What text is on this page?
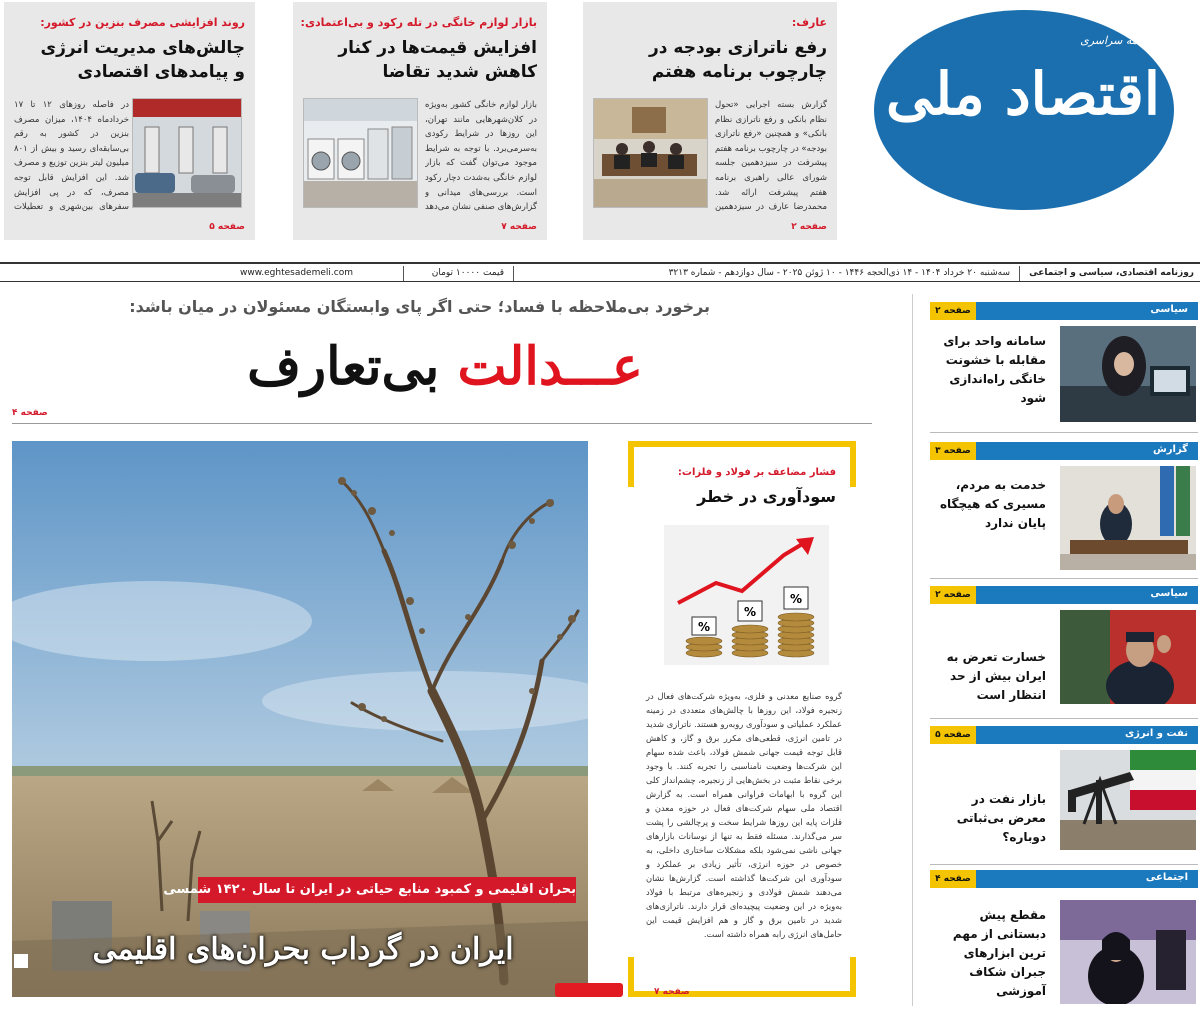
عارف:
رفع ناترازی بودجه در
چارچوب برنامه هفتم
گزارش بسته اجرایی «تحول نظام بانکی و رفع ناترازی نظام بانکی» و همچنین «رفع ناترازی بودجه» در چارچوب برنامه هفتم پیشرفت در سیزدهمین جلسه شورای عالی راهبری برنامه هفتم پیشرفت ارائه شد. محمدرضا عارف در سیزدهمین
صفحه ۲
بازار لوازم خانگی در تله رکود و بی‌اعتمادی:
افزایش قیمت‌ها در کنار
کاهش شدید تقاضا
بازار لوازم خانگی کشور به‌ویژه در کلان‌شهرهایی مانند تهران، این روزها در شرایط رکودی به‌سرمی‌برد. با توجه به شرایط موجود می‌توان گفت که بازار لوازم خانگی به‌شدت دچار رکود است. بررسی‌های میدانی و گزارش‌های صنفی نشان می‌دهد
صفحه ۷
روند افزایشی مصرف بنزین در کشور:
چالش‌های مدیریت انرژی
و پیامدهای اقتصادی
در فاصله روزهای ۱۲ تا ۱۷ خردادماه ۱۴۰۴، میزان مصرف بنزین در کشور به رقم بی‌سابقه‌ای رسید و بیش از ۸۰۱ میلیون لیتر بنزین توزیع و مصرف شد. این افزایش قابل توجه مصرف، که در پی افزایش سفرهای بین‌شهری و تعطیلات
صفحه ۵
روزنامه سراسری
اقتصاد ملی
روزنامه اقتصادی، سیاسی و اجتماعی
سه‌شنبه ۲۰ خرداد ۱۴۰۴ - ۱۴ ذی‌الحجه ۱۴۴۶ - ۱۰ ژوئن ۲۰۲۵ - سال دوازدهم - شماره ۳۲۱۳
قیمت ۱۰۰۰۰ تومان
www.eghtesademeli.com
برخورد بی‌ملاحظه با فساد؛ حتی اگر پای وابستگان مسئولان در میان باشد:
عـــدالت بی‌تعارف
صفحه ۴
بحران اقلیمی و کمبود منابع حیاتی در ایران تا سال ۱۴۲۰ شمسی
ایران در گرداب بحران‌های اقلیمی
فشار مضاعف بر فولاد و فلزات:
سودآوری در خطر
%
%
%
گروه صنایع معدنی و فلزی، به‌ویژه شرکت‌های فعال در زنجیره فولاد، این روزها با چالش‌های متعددی در زمینه عملکرد عملیاتی و سودآوری روبه‌رو هستند. ناترازی شدید در تامین انرژی، قطعی‌های مکرر برق و گاز، و کاهش قابل توجه قیمت جهانی شمش فولاد، باعث شده سهام این شرکت‌ها وضعیت نامناسبی را تجربه کنند. با وجود برخی نقاط مثبت در بخش‌هایی از زنجیره، چشم‌انداز کلی این گروه با ابهامات فراوانی همراه است. به گزارش اقتصاد ملی سهام شرکت‌های فعال در حوزه معدن و فلزات پایه این روزها شرایط سخت و پرچالشی را پشت سر می‌گذارند. مسئله فقط به تنها از نوسانات بازارهای جهانی ناشی نمی‌شود بلکه مشکلات ساختاری داخلی، به خصوص در حوزه انرژی، تأثیر زیادی بر عملکرد و سودآوری این شرکت‌ها گذاشته است. گزارش‌ها نشان می‌دهند شمش فولادی و زنجیره‌های مرتبط با فولاد به‌ویژه در این وضعیت پیچیده‌ای قرار دارند. ناترازی‌های شدید در تامین برق و گاز و هم افزایش قیمت این حامل‌های انرژی رابه همراه داشته است.
صفحه ۷
سیاسی
صفحه ۲
سامانه واحد برای مقابله با خشونت خانگی راه‌اندازی شود
گزارش
صفحه ۳
خدمت به مردم، مسیری که هیچگاه پایان ندارد
سیاسی
صفحه ۲
خسارت تعرض به ایران بیش از حد انتظار است
نفت و انرژی
صفحه ۵
بازار نفت در معرض بی‌ثباتی دوباره؟
اجتماعی
صفحه ۴
مقطع پیش دبستانی از مهم ترین ابزارهای جبران شکاف آموزشی
